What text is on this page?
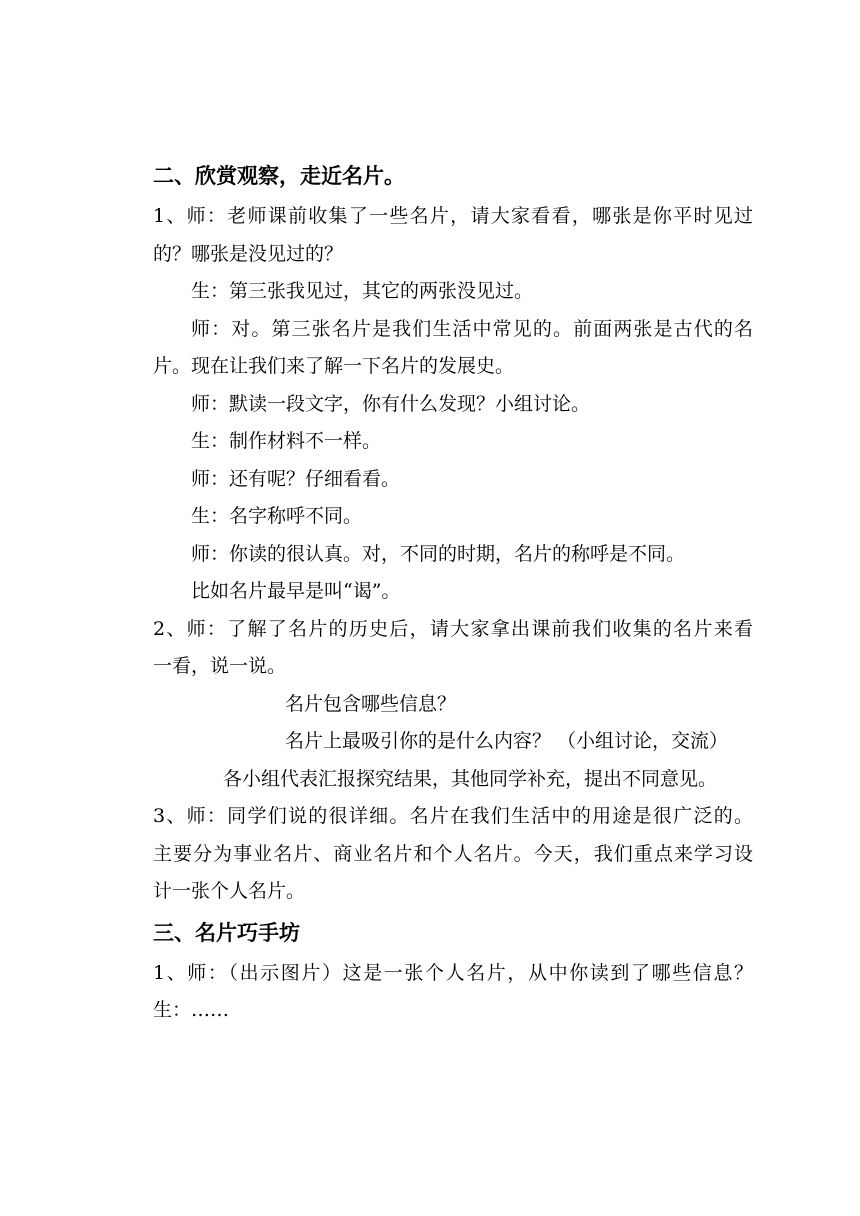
二、欣赏观察，走近名片。
1、师：老师课前收集了一些名片，请大家看看，哪张是你平时见过
的？哪张是没见过的？
生：第三张我见过，其它的两张没见过。
师：对。第三张名片是我们生活中常见的。前面两张是古代的名
片。现在让我们来了解一下名片的发展史。
师：默读一段文字，你有什么发现？小组讨论。
生：制作材料不一样。
师：还有呢？仔细看看。
生：名字称呼不同。
师：你读的很认真。对，不同的时期，名片的称呼是不同。
比如名片最早是叫“谒”。
2、师：了解了名片的历史后，请大家拿出课前我们收集的名片来看
一看，说一说。
名片包含哪些信息？
名片上最吸引你的是什么内容？ （小组讨论，交流）
各小组代表汇报探究结果，其他同学补充，提出不同意见。
3、师：同学们说的很详细。名片在我们生活中的用途是很广泛的。
主要分为事业名片、商业名片和个人名片。今天，我们重点来学习设
计一张个人名片。
三、名片巧手坊
1、师：（出示图片）这是一张个人名片，从中你读到了哪些信息？
生：……
